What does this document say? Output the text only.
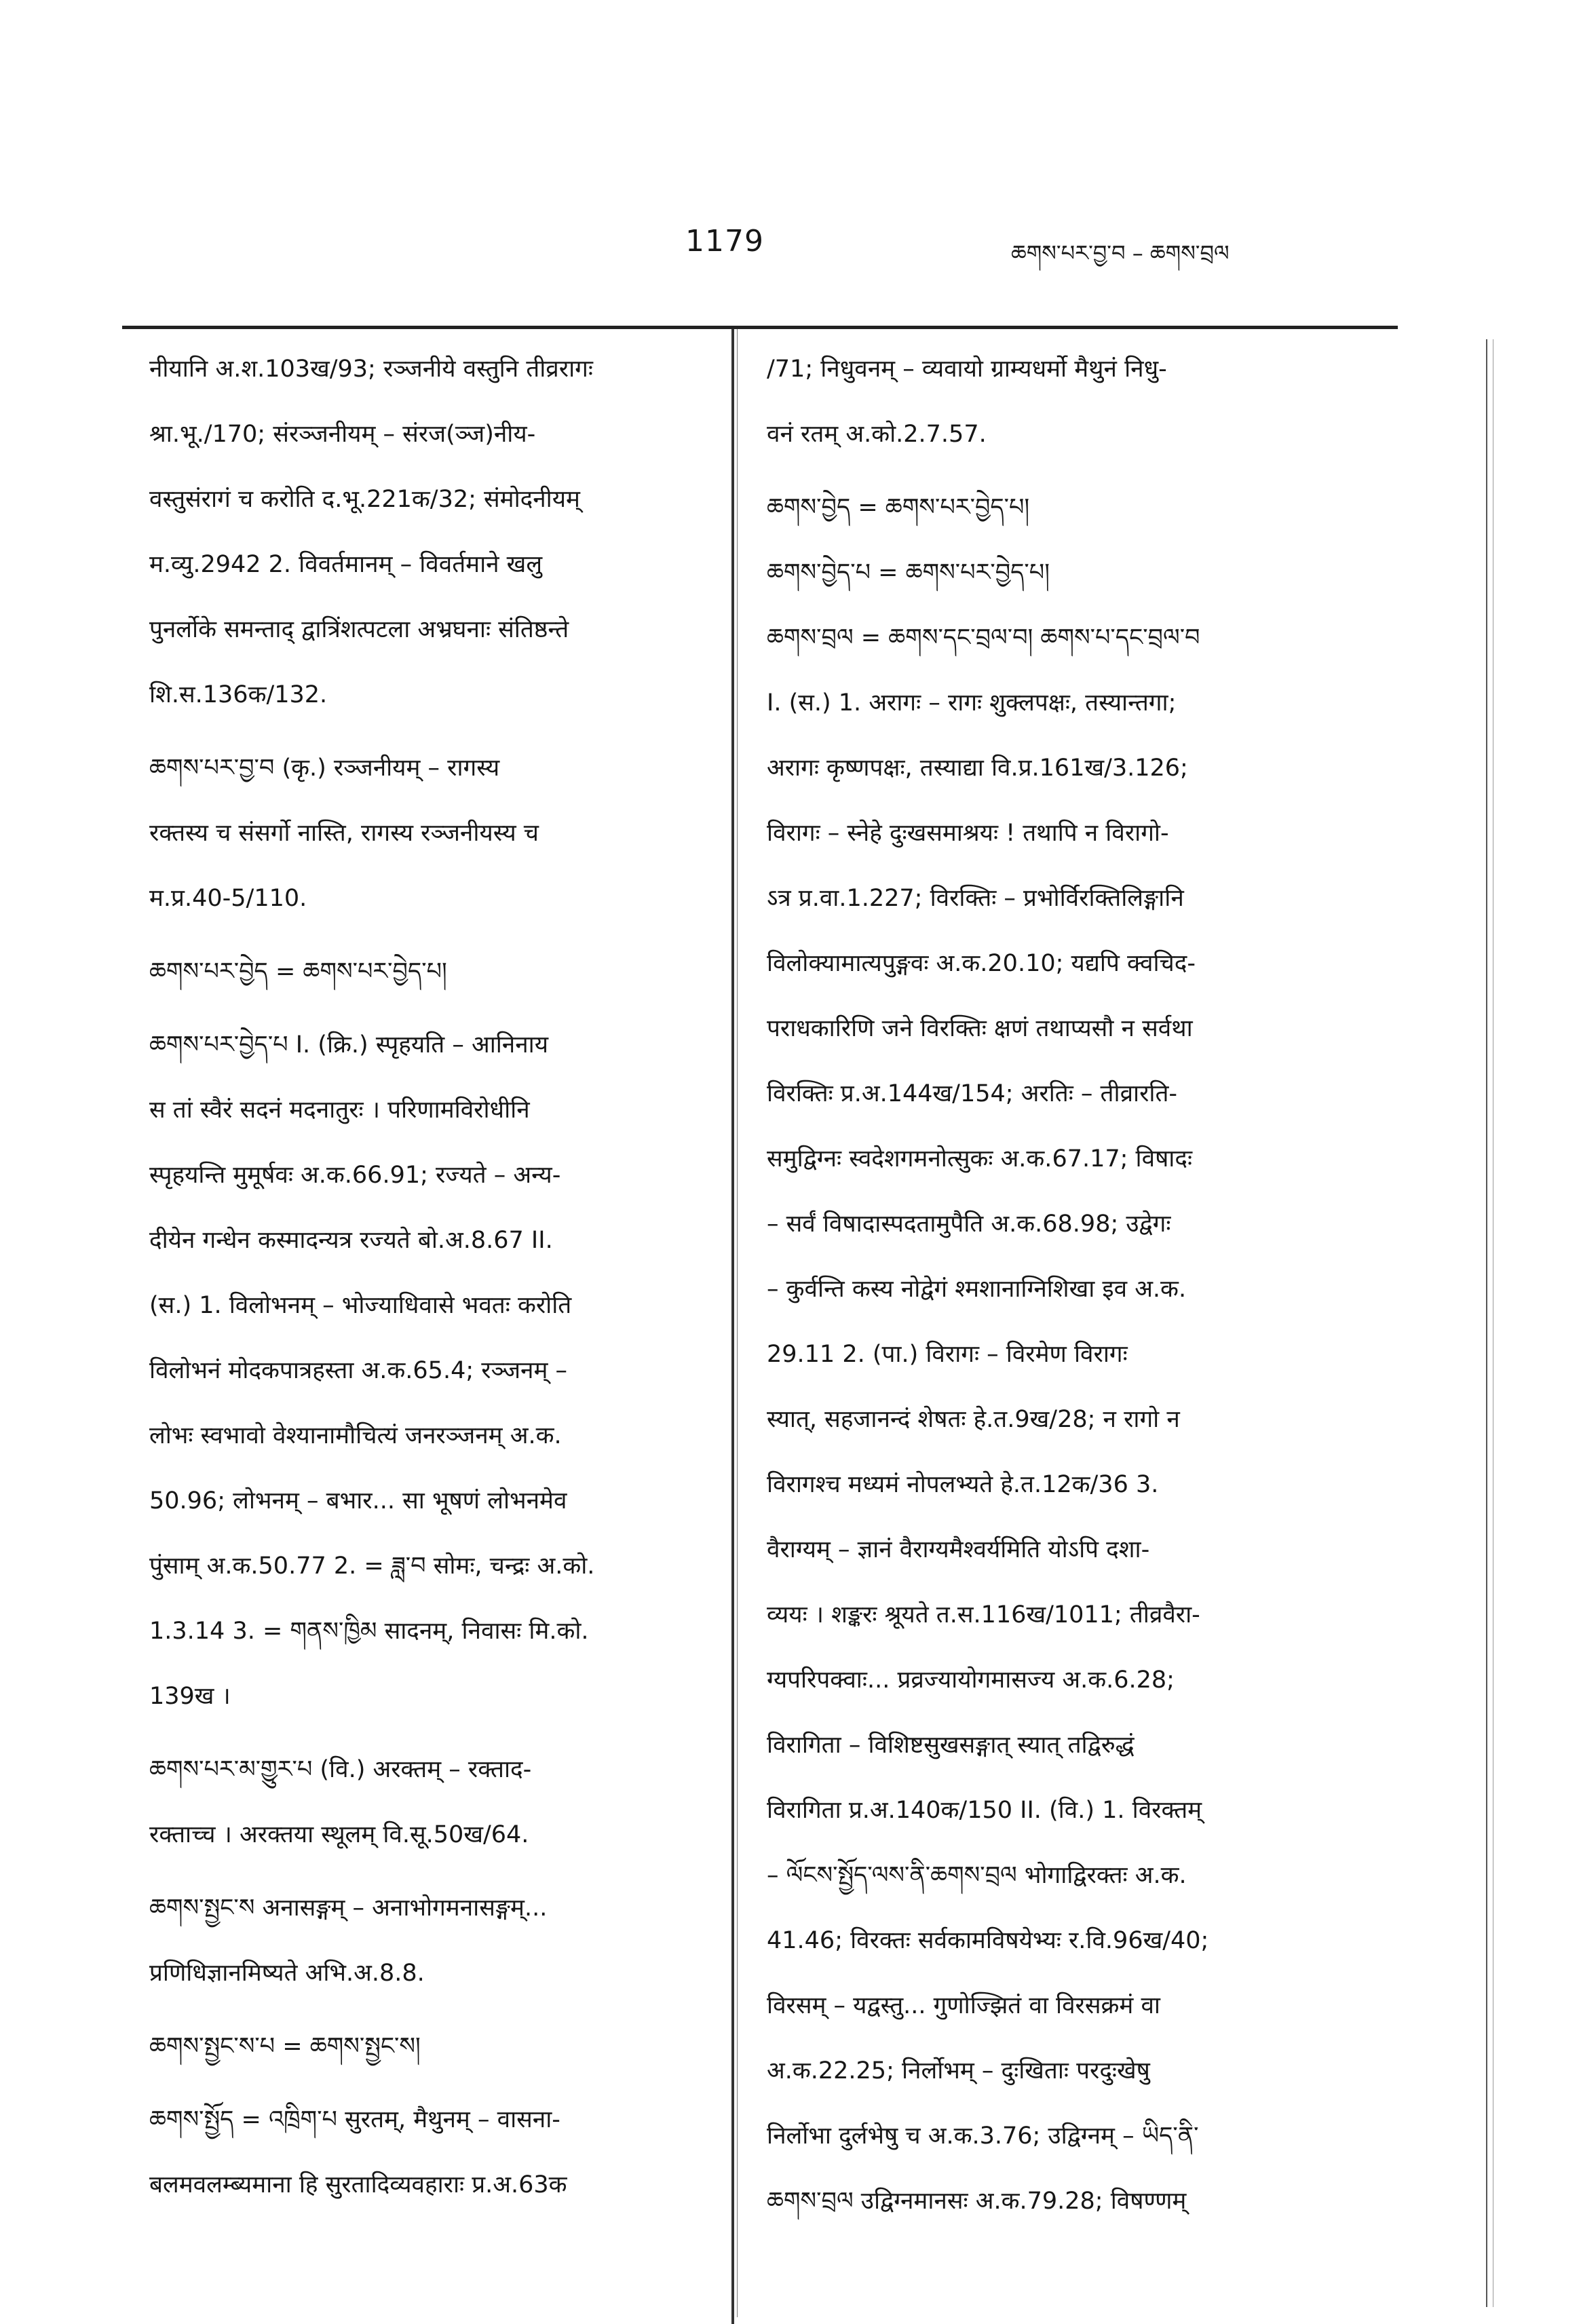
1179	ཆགས་པར་བྱ་བ – ཆགས་བྲལ

नीयानि अ.श.103ख/93; रञ्जनीये वस्तुनि तीव्ररागः

श्रा.भू./170; संरञ्जनीयम् – संरज(ञ्ज)नीय-

वस्तुसंरागं च करोति द.भू.221क/32; संमोदनीयम्

म.व्यु.2942 2. विवर्तमानम् – विवर्तमाने खलु

पुनर्लोके समन्ताद् द्वात्रिंशत्पटला अभ्रघनाः संतिष्ठन्ते

शि.स.136क/132.

ཆགས་པར་བྱ་བ (कृ.) रञ्जनीयम् – रागस्य

रक्तस्य च संसर्गो नास्ति, रागस्य रञ्जनीयस्य च

म.प्र.40-5/110.

ཆགས་པར་བྱེད = ཆགས་པར་བྱེད་པ།

ཆགས་པར་བྱེད་པ I. (क्रि.) स्पृहयति – आनिनाय

स तां स्वैरं सदनं मदनातुरः । परिणामविरोधीनि

स्पृहयन्ति मुमूर्षवः अ.क.66.91; रज्यते – अन्य-

दीयेन गन्धेन कस्मादन्यत्र रज्यते बो.अ.8.67 II.

(स.) 1. विलोभनम् – भोज्याधिवासे भवतः करोति

विलोभनं मोदकपात्रहस्ता अ.क.65.4; रञ्जनम् –

लोभः स्वभावो वेश्यानामौचित्यं जनरञ्जनम् अ.क.

50.96; लोभनम् – बभार... सा भूषणं लोभनमेव

पुंसाम् अ.क.50.77 2. = ཟླ་བ सोमः, चन्द्रः अ.को.

1.3.14 3. = གནས་ཁྱིམ सादनम्, निवासः मि.को.

139ख ।

ཆགས་པར་མ་གྱུར་པ (वि.) अरक्तम् – रक्ताद-

रक्ताच्च । अरक्तया स्थूलम् वि.सू.50ख/64.

ཆགས་སྤྱང་ས अनासङ्गम् – अनाभोगमनासङ्गम्...

प्रणिधिज्ञानमिष्यते अभि.अ.8.8.

ཆགས་སྤྱང་ས་པ = ཆགས་སྤྱང་ས།

ཆགས་སྤྱོད = འཁྲིག་པ सुरतम्, मैथुनम् – वासना-

बलमवलम्ब्यमाना हि सुरतादिव्यवहाराः प्र.अ.63क

/71; निधुवनम् – व्यवायो ग्राम्यधर्मो मैथुनं निधु-

वनं रतम् अ.को.2.7.57.

ཆགས་བྱེད = ཆགས་པར་བྱེད་པ།

ཆགས་བྱེད་པ = ཆགས་པར་བྱེད་པ།

ཆགས་བྲལ = ཆགས་དང་བྲལ་བ། ཆགས་པ་དང་བྲལ་བ

I. (स.) 1. अरागः – रागः शुक्लपक्षः, तस्यान्तगा;

अरागः कृष्णपक्षः, तस्याद्या वि.प्र.161ख/3.126;

विरागः – स्नेहे दुःखसमाश्रयः ! तथापि न विरागो-

ऽत्र प्र.वा.1.227; विरक्तिः – प्रभोर्विरक्तिलिङ्गानि

विलोक्यामात्यपुङ्गवः अ.क.20.10; यद्यपि क्वचिद-

पराधकारिणि जने विरक्तिः क्षणं तथाप्यसौ न सर्वथा

विरक्तिः प्र.अ.144ख/154; अरतिः – तीव्रारति-

समुद्विग्नः स्वदेशगमनोत्सुकः अ.क.67.17; विषादः

– सर्वं विषादास्पदतामुपैति अ.क.68.98; उद्वेगः

– कुर्वन्ति कस्य नोद्वेगं श्मशानाग्निशिखा इव अ.क.

29.11 2. (पा.) विरागः – विरमेण विरागः

स्यात्, सहजानन्दं शेषतः हे.त.9ख/28; न रागो न

विरागश्च मध्यमं नोपलभ्यते हे.त.12क/36 3.

वैराग्यम् – ज्ञानं वैराग्यमैश्वर्यमिति योऽपि दशा-

व्ययः । शङ्करः श्रूयते त.स.116ख/1011; तीव्रवैरा-

ग्यपरिपक्वाः... प्रव्रज्यायोगमासज्य अ.क.6.28;

विरागिता – विशिष्टसुखसङ्गात् स्यात् तद्विरुद्धं

विरागिता प्र.अ.140क/150 II. (वि.) 1. विरक्तम्

– ལོངས་སྤྱོད་ལས་ནི་ཆགས་བྲལ भोगाद्विरक्तः अ.क.

41.46; विरक्तः सर्वकामविषयेभ्यः र.वि.96ख/40;

विरसम् – यद्वस्तु... गुणोज्झितं वा विरसक्रमं वा

अ.क.22.25; निर्लोभम् – दुःखिताः परदुःखेषु

निर्लोभा दुर्लभेषु च अ.क.3.76; उद्विग्नम् – ཡིད་ནི་

ཆགས་བྲལ उद्विग्नमानसः अ.क.79.28; विषण्णम्
